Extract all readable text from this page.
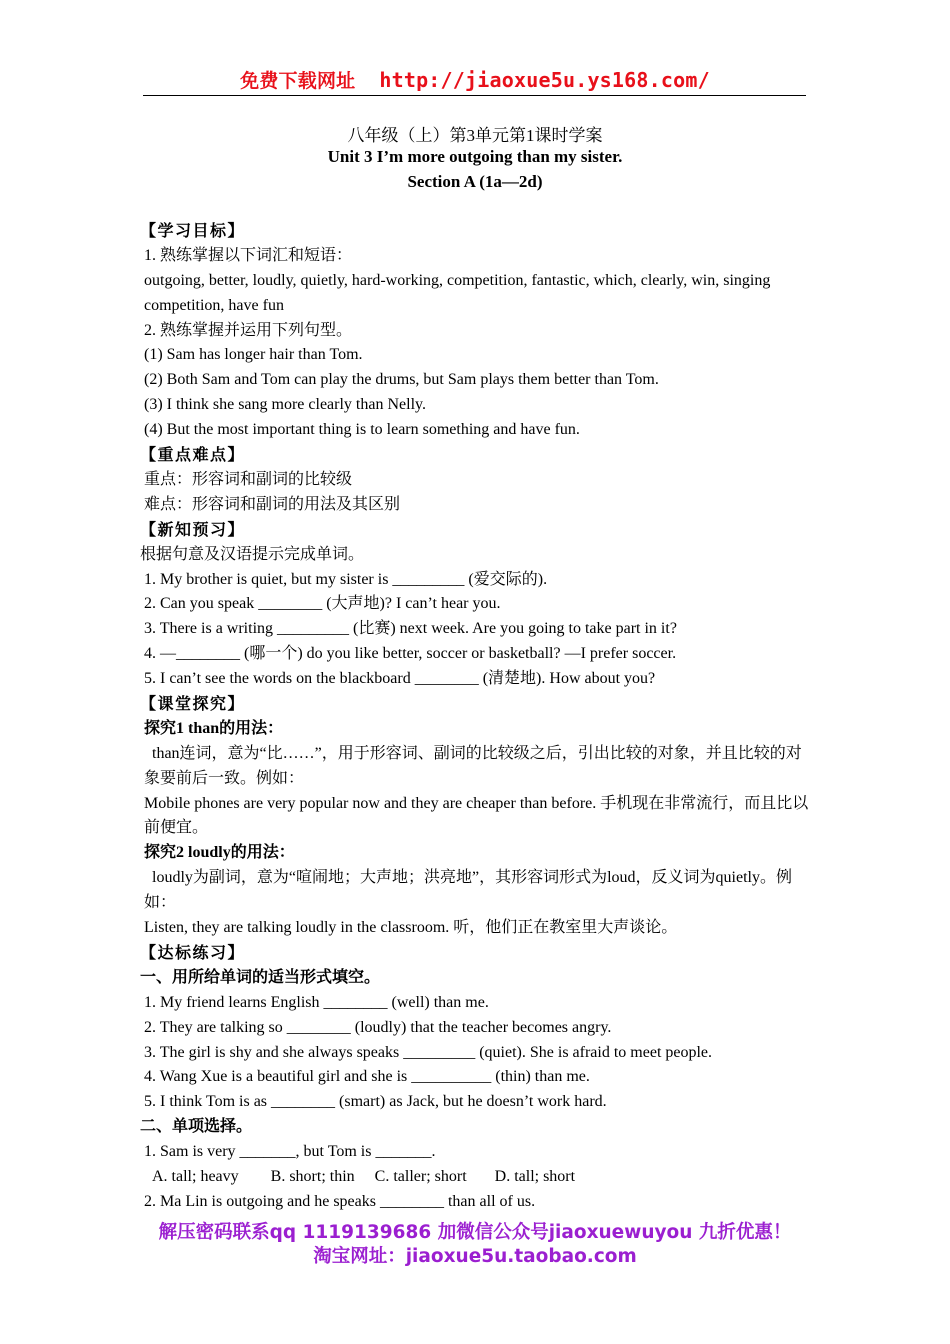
免费下载网址 http://jiaoxue5u.ys168.com/
八年级（上）第3单元第1课时学案
Unit 3 I’m more outgoing than my sister.
Section A (1a—2d)
【学习目标】
1. 熟练掌握以下词汇和短语：
outgoing, better, loudly, quietly, hard-working, competition, fantastic, which, clearly, win, singing competition, have fun
2. 熟练掌握并运用下列句型。
(1) Sam has longer hair than Tom.
(2) Both Sam and Tom can play the drums, but Sam plays them better than Tom.
(3) I think she sang more clearly than Nelly.
(4) But the most important thing is to learn something and have fun.
【重点难点】
重点：形容词和副词的比较级
难点：形容词和副词的用法及其区别
【新知预习】
根据句意及汉语提示完成单词。
1. My brother is quiet, but my sister is _________ (爱交际的).
2. Can you speak ________ (大声地)? I can’t hear you.
3. There is a writing _________ (比赛) next week. Are you going to take part in it?
4. —________ (哪一个) do you like better, soccer or basketball? —I prefer soccer.
5. I can’t see the words on the blackboard ________ (清楚地). How about you?
【课堂探究】
探究1 than的用法：
than连词，意为“比……”，用于形容词、副词的比较级之后，引出比较的对象，并且比较的对象要前后一致。例如：
Mobile phones are very popular now and they are cheaper than before. 手机现在非常流行，而且比以前便宜。
探究2 loudly的用法：
loudly为副词，意为“喧闹地；大声地；洪亮地”，其形容词形式为loud，反义词为quietly。例如：
Listen, they are talking loudly in the classroom. 听，他们正在教室里大声谈论。
【达标练习】
一、用所给单词的适当形式填空。
1. My friend learns English ________ (well) than me.
2. They are talking so ________ (loudly) that the teacher becomes angry.
3. The girl is shy and she always speaks _________ (quiet). She is afraid to meet people.
4. Wang Xue is a beautiful girl and she is __________ (thin) than me.
5. I think Tom is as ________ (smart) as Jack, but he doesn’t work hard.
二、单项选择。
1. Sam is very _______, but Tom is _______.
A. tall; heavy B. short; thin C. taller; short D. tall; short
2. Ma Lin is outgoing and he speaks ________ than all of us.
解压密码联系qq 1119139686 加微信公众号jiaoxuewuyou 九折优惠！
淘宝网址：jiaoxue5u.taobao.com
